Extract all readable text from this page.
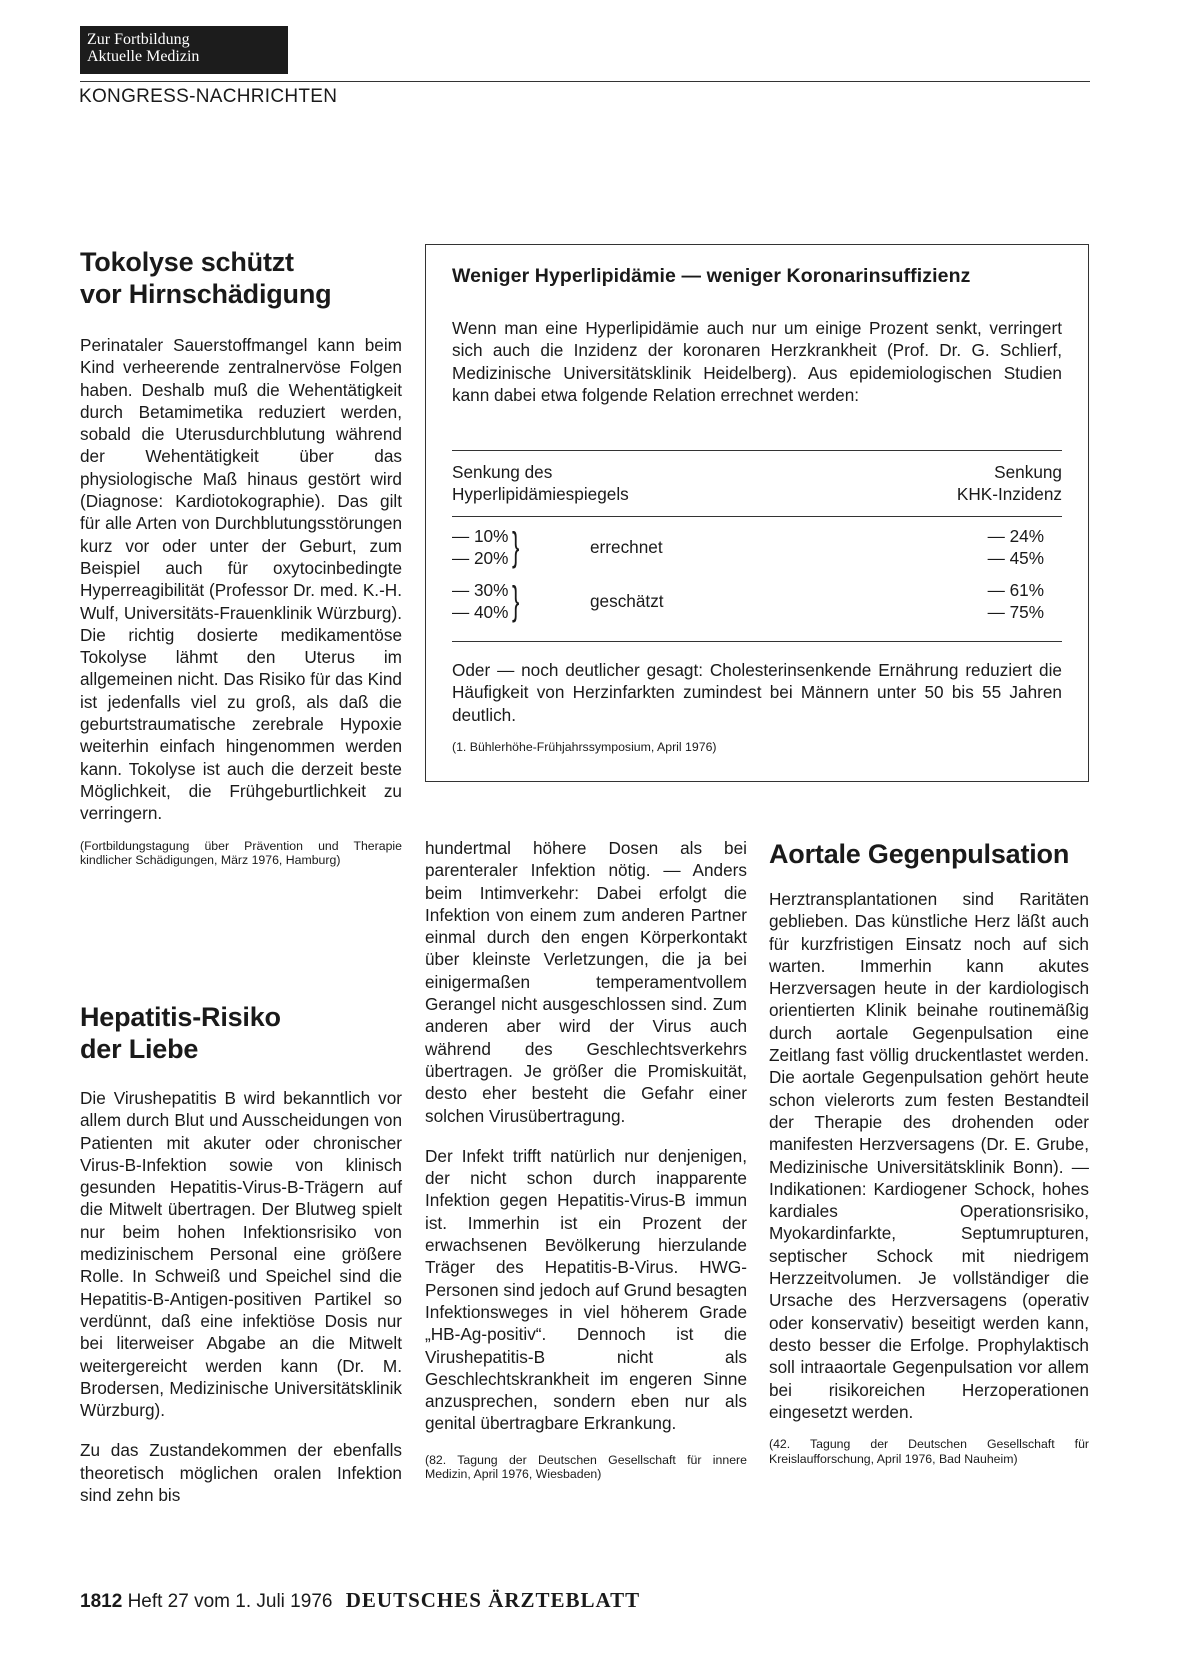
Zur Fortbildung
Aktuelle Medizin
KONGRESS-NACHRICHTEN
Tokolyse schützt
vor Hirnschädigung

Perinataler Sauerstoffmangel kann beim Kind verheerende zentralnervöse Folgen haben. Deshalb muß die Wehentätigkeit durch Betamimetika reduziert werden, sobald die Uterusdurchblutung während der Wehentätigkeit über das physiologische Maß hinaus gestört wird (Diagnose: Kardiotokographie). Das gilt für alle Arten von Durchblutungsstörungen kurz vor oder unter der Geburt, zum Beispiel auch für oxytocinbedingte Hyperreagibilität (Professor Dr. med. K.-H. Wulf, Universitäts-Frauenklinik Würzburg). Die richtig dosierte medikamentöse Tokolyse lähmt den Uterus im allgemeinen nicht. Das Risiko für das Kind ist jedenfalls viel zu groß, als daß die geburtstraumatische zerebrale Hypoxie weiterhin einfach hingenommen werden kann. Tokolyse ist auch die derzeit beste Möglichkeit, die Frühgeburtlichkeit zu verringern.

(Fortbildungstagung über Prävention und Therapie kindlicher Schädigungen, März 1976, Hamburg)
Weniger Hyperlipidämie — weniger Koronarinsuffizienz
Wenn man eine Hyperlipidämie auch nur um einige Prozent senkt, verringert sich auch die Inzidenz der koronaren Herzkrankheit (Prof. Dr. G. Schlierf, Medizinische Universitätsklinik Heidelberg). Aus epidemiologischen Studien kann dabei etwa folgende Relation errechnet werden:
Senkung des
Hyperlipidämiespiegels
Senkung
KHK-Inzidenz
— 10%
— 20% }	errechnet
— 24%
— 45%
— 30%
— 40% }	geschätzt
— 61%
— 75%
Oder — noch deutlicher gesagt: Cholesterinsenkende Ernährung reduziert die Häufigkeit von Herzinfarkten zumindest bei Männern unter 50 bis 55 Jahren deutlich.
(1. Bühlerhöhe-Frühjahrssymposium, April 1976)
Hepatitis-Risiko
der Liebe

Die Virushepatitis B wird bekanntlich vor allem durch Blut und Ausscheidungen von Patienten mit akuter oder chronischer Virus-B-Infektion sowie von klinisch gesunden Hepatitis-Virus-B-Trägern auf die Mitwelt übertragen. Der Blutweg spielt nur beim hohen Infektionsrisiko von medizinischem Personal eine größere Rolle. In Schweiß und Speichel sind die Hepatitis-B-Antigen-positiven Partikel so verdünnt, daß eine infektiöse Dosis nur bei literweiser Abgabe an die Mitwelt weitergereicht werden kann (Dr. M. Brodersen, Medizinische Universitätsklinik Würzburg).

Zu das Zustandekommen der ebenfalls theoretisch möglichen oralen Infektion sind zehn bis

hundertmal höhere Dosen als bei parenteraler Infektion nötig. — Anders beim Intimverkehr: Dabei erfolgt die Infektion von einem zum anderen Partner einmal durch den engen Körperkontakt über kleinste Verletzungen, die ja bei einigermaßen temperamentvollem Gerangel nicht ausgeschlossen sind. Zum anderen aber wird der Virus auch während des Geschlechtsverkehrs übertragen. Je größer die Promiskuität, desto eher besteht die Gefahr einer solchen Virusübertragung.

Der Infekt trifft natürlich nur denjenigen, der nicht schon durch inapparente Infektion gegen Hepatitis-Virus-B immun ist. Immerhin ist ein Prozent der erwachsenen Bevölkerung hierzulande Träger des Hepatitis-B-Virus. HWG-Personen sind jedoch auf Grund besagten Infektionsweges in viel höherem Grade „HB-Ag-positiv“. Dennoch ist die Virushepatitis-B nicht als Geschlechtskrankheit im engeren Sinne anzusprechen, sondern eben nur als genital übertragbare Erkrankung.

(82. Tagung der Deutschen Gesellschaft für innere Medizin, April 1976, Wiesbaden)
Aortale Gegenpulsation

Herztransplantationen sind Raritäten geblieben. Das künstliche Herz läßt auch für kurzfristigen Einsatz noch auf sich warten. Immerhin kann akutes Herzversagen heute in der kardiologisch orientierten Klinik beinahe routinemäßig durch aortale Gegenpulsation eine Zeitlang fast völlig druckentlastet werden. Die aortale Gegenpulsation gehört heute schon vielerorts zum festen Bestandteil der Therapie des drohenden oder manifesten Herzversagens (Dr. E. Grube, Medizinische Universitätsklinik Bonn). — Indikationen: Kardiogener Schock, hohes kardiales Operationsrisiko, Myokardinfarkte, Septumrupturen, septischer Schock mit niedrigem Herzzeitvolumen. Je vollständiger die Ursache des Herzversagens (operativ oder konservativ) beseitigt werden kann, desto besser die Erfolge. Prophylaktisch soll intraaortale Gegenpulsation vor allem bei risikoreichen Herzoperationen eingesetzt werden.

(42. Tagung der Deutschen Gesellschaft für Kreislaufforschung, April 1976, Bad Nauheim)
1812 Heft 27 vom 1. Juli 1976 DEUTSCHES ÄRZTEBLATT
